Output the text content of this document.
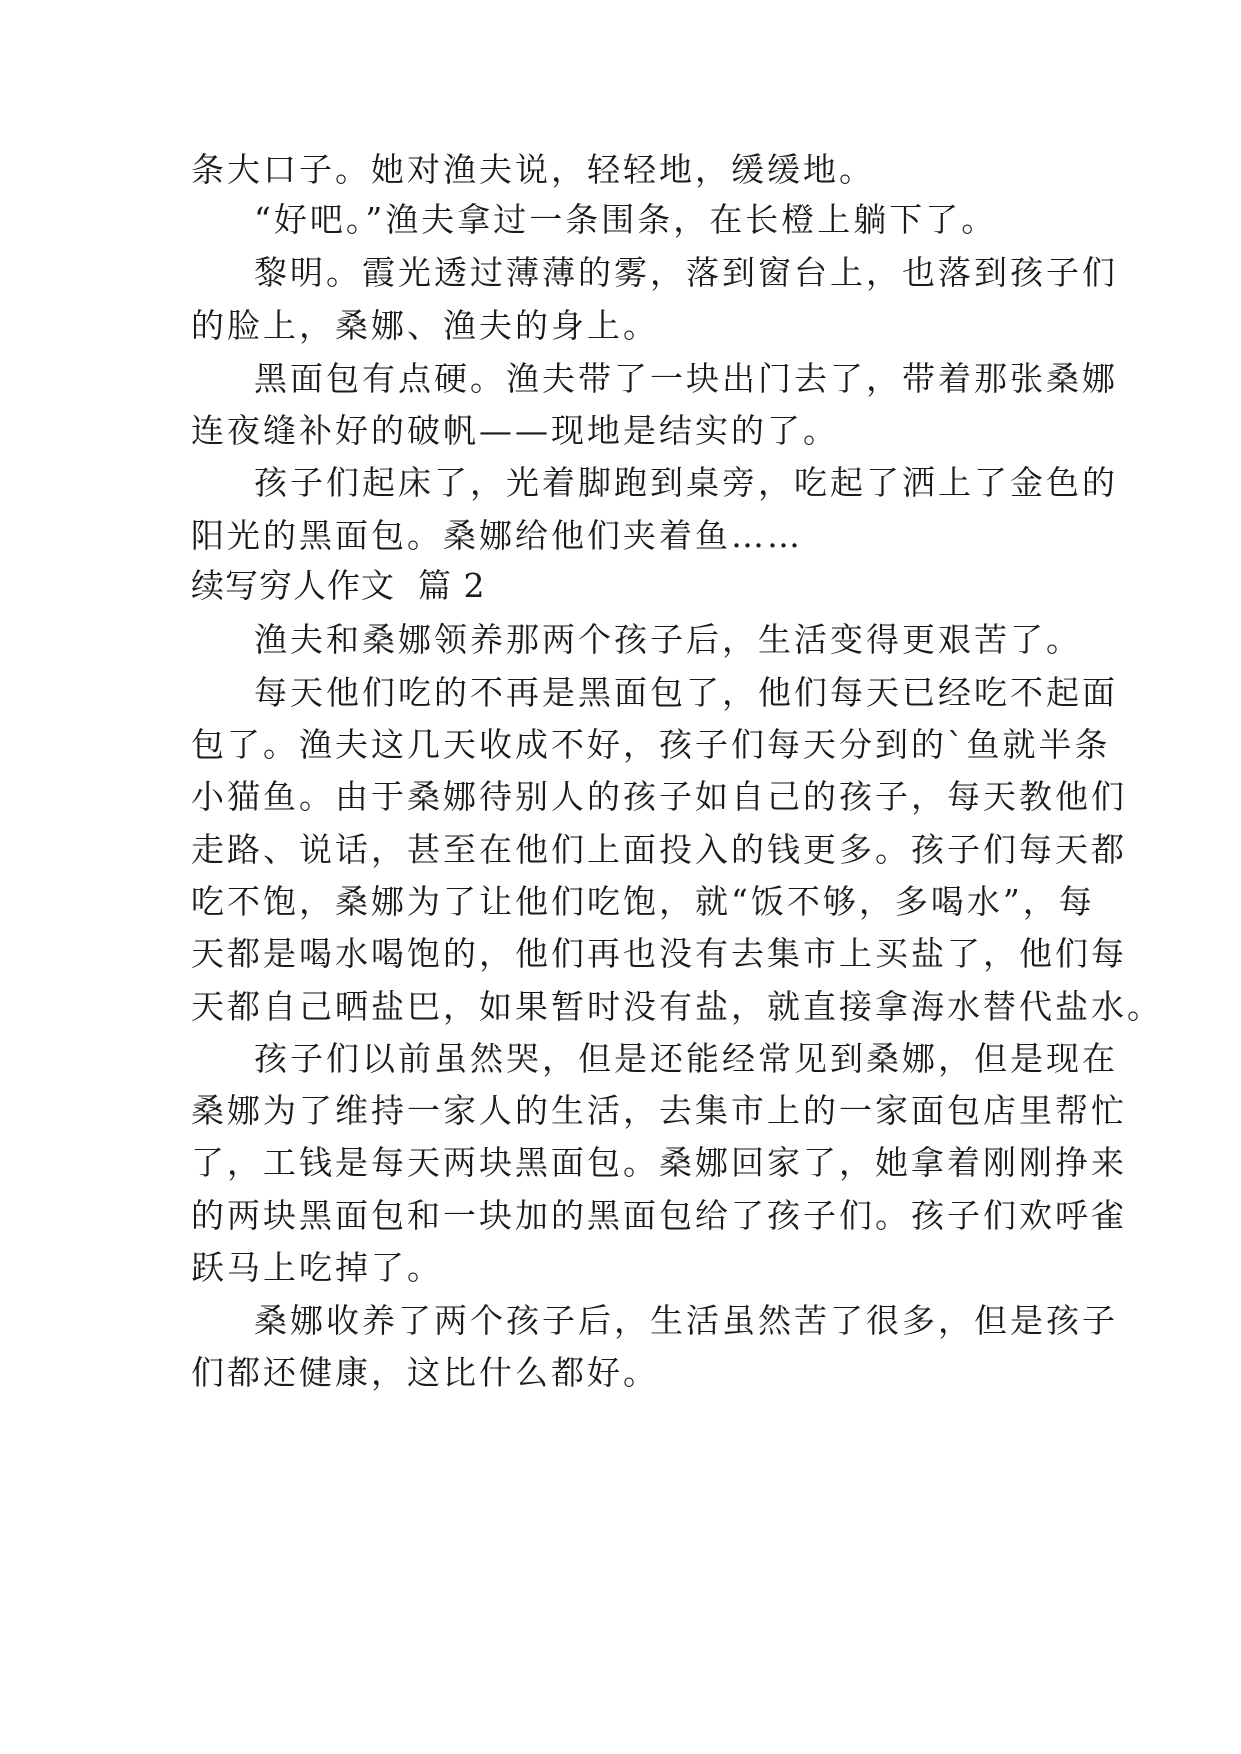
条大口子。她对渔夫说，轻轻地，缓缓地。
“好吧。”渔夫拿过一条围条，在长橙上躺下了。
黎明。霞光透过薄薄的雾，落到窗台上，也落到孩子们
的脸上，桑娜、渔夫的身上。
黑面包有点硬。渔夫带了一块出门去了，带着那张桑娜
连夜缝补好的破帆——现地是结实的了。
孩子们起床了，光着脚跑到桌旁，吃起了洒上了金色的
阳光的黑面包。桑娜给他们夹着鱼……
续写穷人作文  篇 2
渔夫和桑娜领养那两个孩子后，生活变得更艰苦了。
每天他们吃的不再是黑面包了，他们每天已经吃不起面
包了。渔夫这几天收成不好，孩子们每天分到的`鱼就半条
小猫鱼。由于桑娜待别人的孩子如自己的孩子，每天教他们
走路、说话，甚至在他们上面投入的钱更多。孩子们每天都
吃不饱，桑娜为了让他们吃饱，就“饭不够，多喝水”，每
天都是喝水喝饱的，他们再也没有去集市上买盐了，他们每
天都自己晒盐巴，如果暂时没有盐，就直接拿海水替代盐水。
孩子们以前虽然哭，但是还能经常见到桑娜，但是现在
桑娜为了维持一家人的生活，去集市上的一家面包店里帮忙
了，工钱是每天两块黑面包。桑娜回家了，她拿着刚刚挣来
的两块黑面包和一块加的黑面包给了孩子们。孩子们欢呼雀
跃马上吃掉了。
桑娜收养了两个孩子后，生活虽然苦了很多，但是孩子
们都还健康，这比什么都好。
